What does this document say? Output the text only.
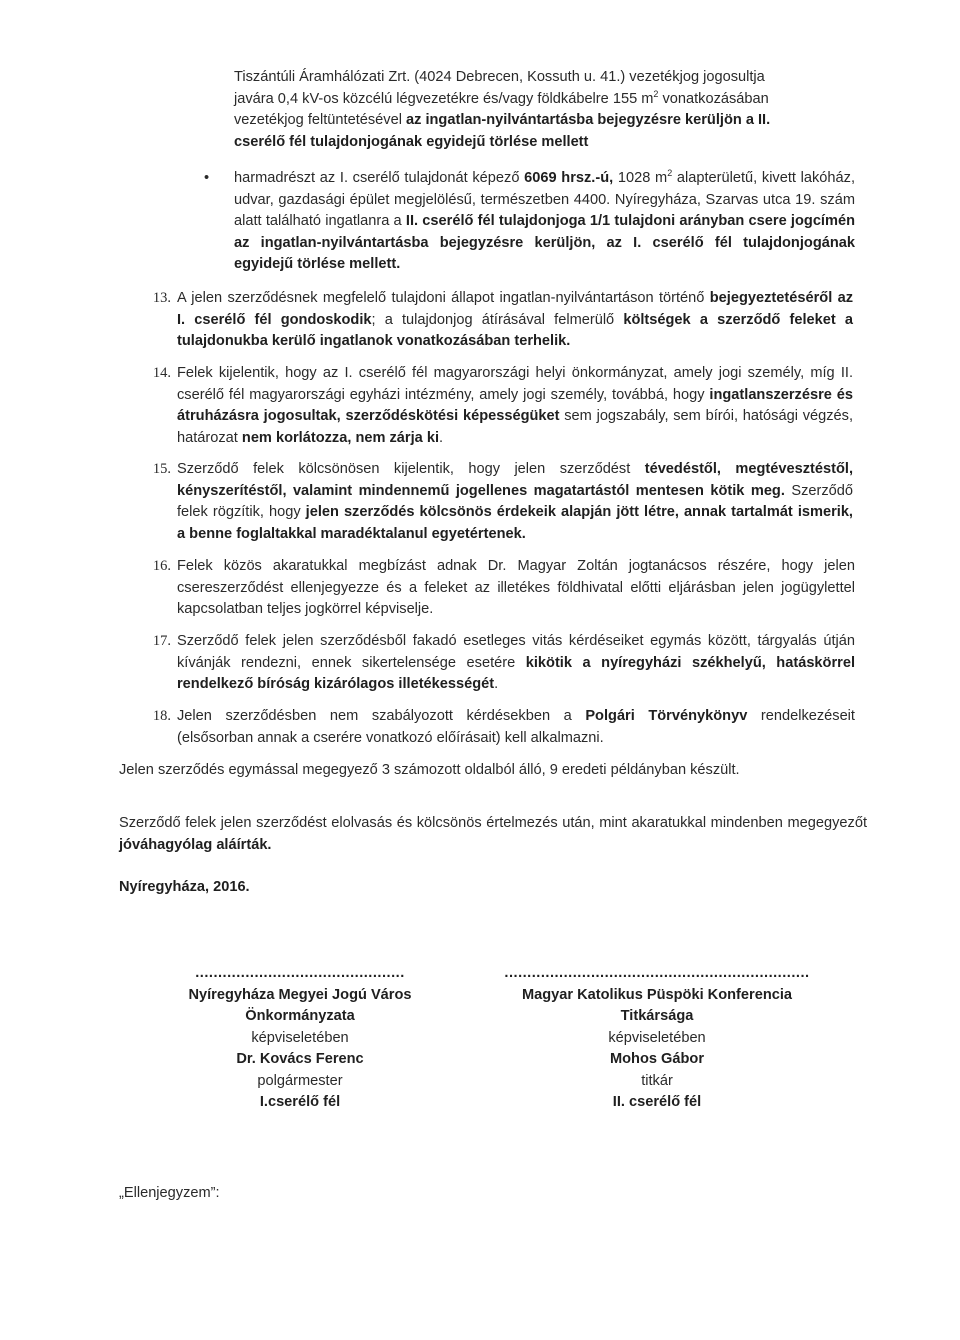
Tiszántúli Áramhálózati Zrt. (4024 Debrecen, Kossuth u. 41.) vezetékjog jogosultja
javára 0,4 kV-os közcélú légvezetékre és/vagy földkábelre 155 $m^2$ vonatkozásában
vezetékjog feltüntetésével az ingatlan-nyilvántartásba bejegyzésre kerüljön a II.
cserélő fél tulajdonjogának egyidejű törlése mellett
• harmadrészt az I. cserélő tulajdonát képező 6069 hrsz.-ú, 1028 $m^2$ alapterületű, kivett lakóház, udvar, gazdasági épület megjelölésű, természetben 4400. Nyíregyháza, Szarvas utca 19. szám alatt található ingatlanra a II. cserélő fél tulajdonjoga 1/1 tulajdoni arányban csere jogcímén az ingatlan-nyilvántartásba bejegyzésre kerüljön, az I. cserélő fél tulajdonjogának egyidejű törlése mellett.
13. A jelen szerződésnek megfelelő tulajdoni állapot ingatlan-nyilvántartáson történő bejegyeztetéséről az I. cserélő fél gondoskodik; a tulajdonjog átírásával felmerülő költségek a szerződő feleket a tulajdonukba kerülő ingatlanok vonatkozásában terhelik.
14. Felek kijelentik, hogy az I. cserélő fél magyarországi helyi önkormányzat, amely jogi személy, míg II. cserélő fél magyarországi egyházi intézmény, amely jogi személy, továbbá, hogy ingatlanszerzésre és átruházásra jogosultak, szerződéskötési képességüket sem jogszabály, sem bírói, hatósági végzés, határozat nem korlátozza, nem zárja ki.
15. Szerződő felek kölcsönösen kijelentik, hogy jelen szerződést tévedéstől, megtévesztéstől, kényszerítéstől, valamint mindennemű jogellenes magatartástól mentesen kötik meg. Szerződő felek rögzítik, hogy jelen szerződés kölcsönös érdekeik alapján jött létre, annak tartalmát ismerik, a benne foglaltakkal maradéktalanul egyetértenek.
16. Felek közös akaratukkal megbízást adnak Dr. Magyar Zoltán jogtanácsos részére, hogy jelen csereszerződést ellenjegyezze és a feleket az illetékes földhivatal előtti eljárásban jelen jogügylettel kapcsolatban teljes jogkörrel képviselje.
17. Szerződő felek jelen szerződésből fakadó esetleges vitás kérdéseiket egymás között, tárgyalás útján kívánják rendezni, ennek sikertelensége esetére kikötik a nyíregyházi székhelyű, hatáskörrel rendelkező bíróság kizárólagos illetékességét.
18. Jelen szerződésben nem szabályozott kérdésekben a Polgári Törvénykönyv rendelkezéseit (elsősorban annak a cserére vonatkozó előírásait) kell alkalmazni.
Jelen szerződés egymással megegyező 3 számozott oldalból álló, 9 eredeti példányban készült.
Szerződő felek jelen szerződést elolvasás és kölcsönös értelmezés után, mint akaratukkal mindenben megegyezőt jóváhagyólag aláírták.
Nyíregyháza, 2016.
..............................................
Nyíregyháza Megyei Jogú Város
Önkormányzata
képviseletében
Dr. Kovács Ferenc
polgármester
I.cserélő fél
...................................................................
Magyar Katolikus Püspöki Konferencia
Titkársága
képviseletében
Mohos Gábor
titkár
II. cserélő fél
„Ellenjegyzem”:
